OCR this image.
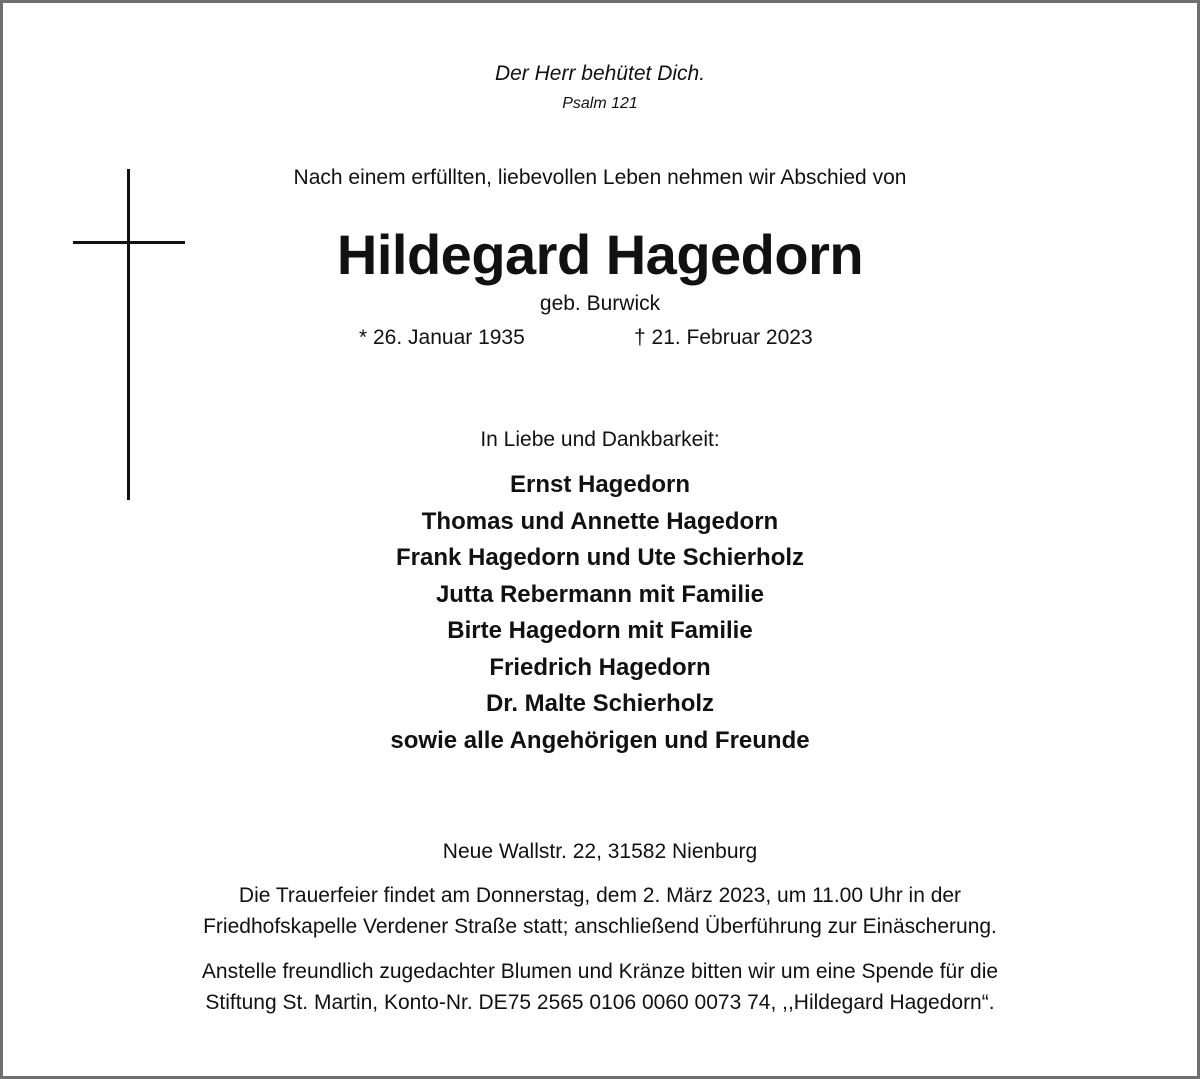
Der Herr behütet Dich.
Psalm 121
Nach einem erfüllten, liebevollen Leben nehmen wir Abschied von
Hildegard Hagedorn
geb. Burwick
* 26. Januar 1935	† 21. Februar 2023
In Liebe und Dankbarkeit:
Ernst Hagedorn
Thomas und Annette Hagedorn
Frank Hagedorn und Ute Schierholz
Jutta Rebermann mit Familie
Birte Hagedorn mit Familie
Friedrich Hagedorn
Dr. Malte Schierholz
sowie alle Angehörigen und Freunde
Neue Wallstr. 22, 31582 Nienburg
Die Trauerfeier findet am Donnerstag, dem 2. März 2023, um 11.00 Uhr in der
Friedhofskapelle Verdener Straße statt; anschließend Überführung zur Einäscherung.
Anstelle freundlich zugedachter Blumen und Kränze bitten wir um eine Spende für die
Stiftung St. Martin, Konto-Nr. DE75 2565 0106 0060 0073 74, ,,Hildegard Hagedorn“.
